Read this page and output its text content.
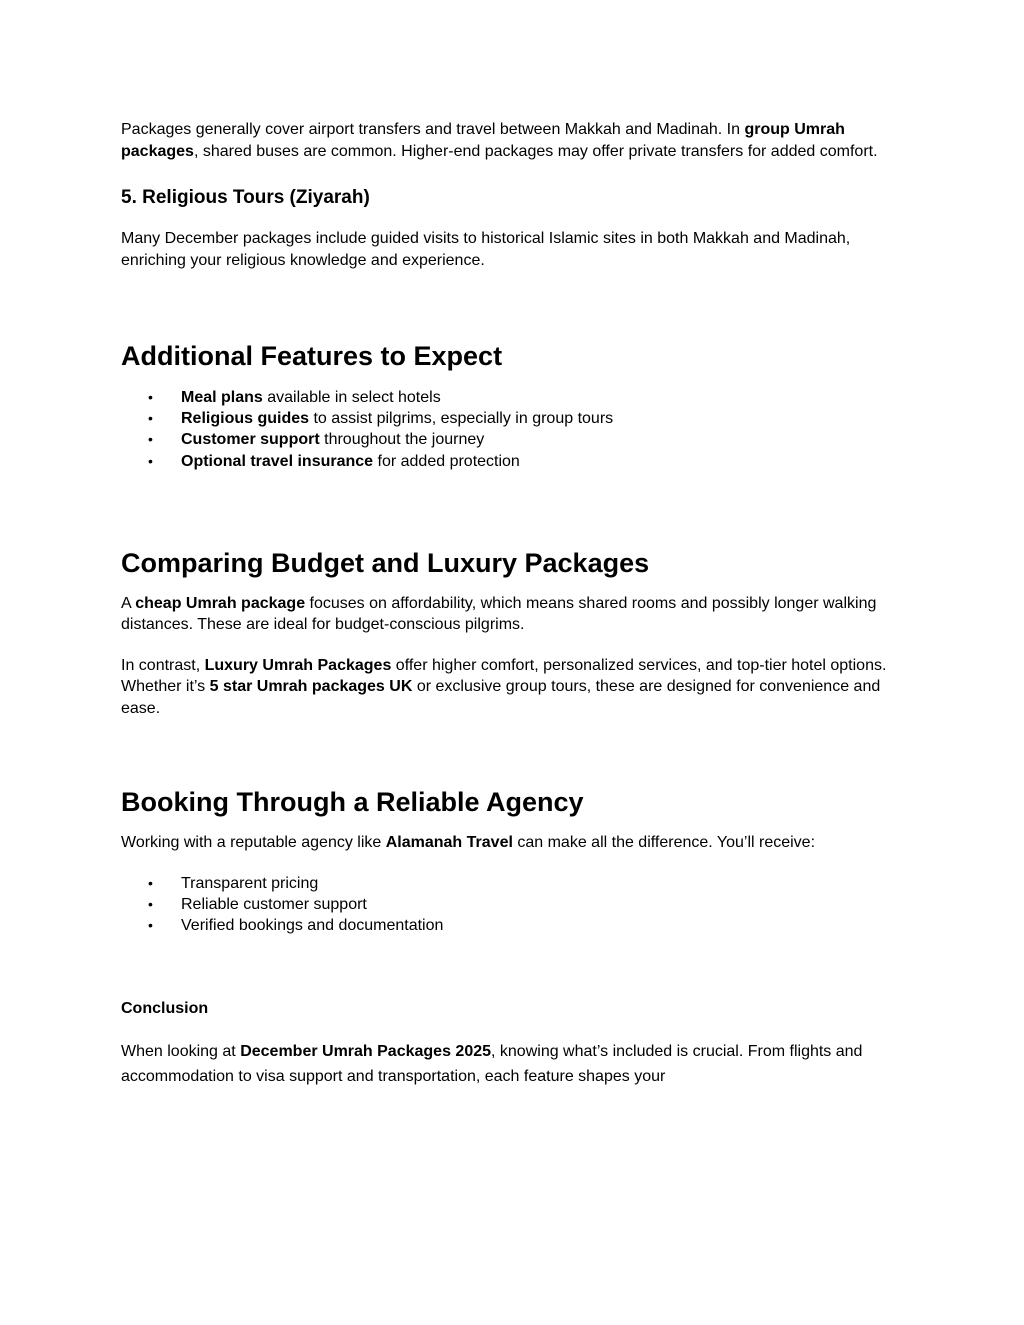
Packages generally cover airport transfers and travel between Makkah and Madinah. In group Umrah packages, shared buses are common. Higher-end packages may offer private transfers for added comfort.

5. Religious Tours (Ziyarah)

Many December packages include guided visits to historical Islamic sites in both Makkah and Madinah, enriching your religious knowledge and experience.

Additional Features to Expect
• Meal plans available in select hotels
• Religious guides to assist pilgrims, especially in group tours
• Customer support throughout the journey
• Optional travel insurance for added protection
Comparing Budget and Luxury Packages

A cheap Umrah package focuses on affordability, which means shared rooms and possibly longer walking distances. These are ideal for budget-conscious pilgrims.

In contrast, Luxury Umrah Packages offer higher comfort, personalized services, and top-tier hotel options. Whether it’s 5 star Umrah packages UK or exclusive group tours, these are designed for convenience and ease.

Booking Through a Reliable Agency

Working with a reputable agency like Alamanah Travel can make all the difference. You’ll receive:

• Transparent pricing
• Reliable customer support
• Verified bookings and documentation
Conclusion

When looking at December Umrah Packages 2025, knowing what’s included is crucial. From flights and accommodation to visa support and transportation, each feature shapes your
